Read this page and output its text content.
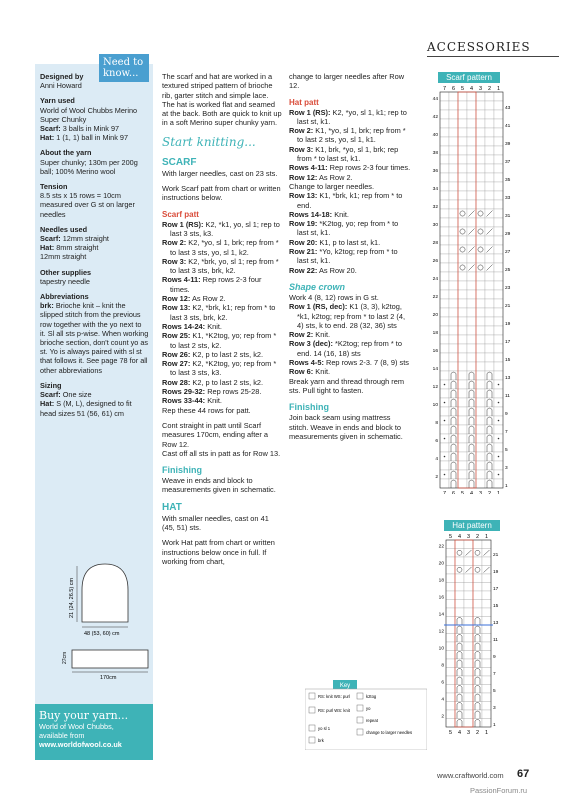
ACCESSORIES
Designed by
Anni Howard
Yarn used
World of Wool Chubbs Merino Super Chunky
Scarf: 3 balls in Mink 97
Hat: 1 (1, 1) ball in Mink 97
About the yarn
Super chunky; 130m per 200g ball; 100% Merino wool
Tension
8.5 sts x 15 rows = 10cm measured over G st on larger needles
Needles used
Scarf: 12mm straight
Hat: 8mm straight
12mm straight
Other supplies
tapestry needle
Abbreviations
brk: Brioche knit – knit the slipped stitch from the previous row together with the yo next to it. Sl all sts p-wise. When working brioche section, don't count yo as st. Yo is always paired with sl st that follows it. See page 78 for all other abbreviations
Sizing
Scarf: One size
Hat: S (M, L), designed to fit head sizes 51 (56, 61) cm
Need to know...
21 (24, 26.5) cm
48 (53, 60) cm
27cm
170cm
Buy your yarn...
World of Wool Chubbs,
available from
www.worldofwool.co.uk
The scarf and hat are worked in a textured striped pattern of brioche rib, garter stitch and simple lace. The hat is worked flat and seamed at the back. Both are quick to knit up in a soft Merino super chunky yarn.
Start knitting...
SCARF
With larger needles, cast on 23 sts.
Work Scarf patt from chart or written instructions below.
Scarf patt
Row 1 (RS): K2, *k1, yo, sl 1; rep to last 3 sts, k3.
Row 2: K2, *yo, sl 1, brk; rep from * to last 3 sts, yo, sl 1, k2.
Row 3: K2, *brk, yo, sl 1; rep from * to last 3 sts, brk, k2.
Rows 4-11: Rep rows 2-3 four times.
Row 12: As Row 2.
Row 13: K2, *brk, k1; rep from * to last 3 sts, brk, k2.
Rows 14-24: Knit.
Row 25: K1, *K2tog, yo; rep from * to last 2 sts, k2.
Row 26: K2, p to last 2 sts, k2.
Row 27: K2, *K2tog, yo; rep from * to last 3 sts, k3.
Row 28: K2, p to last 2 sts, k2.
Rows 29-32: Rep rows 25-28.
Rows 33-44: Knit.
Rep these 44 rows for patt.
Cont straight in patt until Scarf measures 170cm, ending after a Row 12.
Cast off all sts in patt as for Row 13.
Finishing
Weave in ends and block to measurements given in schematic.
HAT
With smaller needles, cast on 41 (45, 51) sts.
Work Hat patt from chart or written instructions below once in full. If working from chart,
change to larger needles after Row 12.
Hat patt
Row 1 (RS): K2, *yo, sl 1, k1; rep to last st, k1.
Row 2: K1, *yo, sl 1, brk; rep from * to last 2 sts, yo, sl 1, k1.
Row 3: K1, brk, *yo, sl 1, brk; rep from * to last st, k1.
Rows 4-11: Rep rows 2-3 four times.
Row 12: As Row 2.
Change to larger needles.
Row 13: K1, *brk, k1; rep from * to end.
Rows 14-18: Knit.
Row 19: *K2tog, yo; rep from * to last st, k1.
Row 20: K1, p to last st, k1.
Row 21: *Yo, k2tog; rep from * to last st, k1.
Row 22: As Row 20.
Shape crown
Work 4 (8, 12) rows in G st.
Row 1 (RS, dec): K1 (3, 3), k2tog, *k1, k2tog; rep from * to last 2 (4, 4) sts, k to end. 28 (32, 36) sts
Row 2: Knit.
Row 3 (dec): *K2tog; rep from * to end. 14 (16, 18) sts
Rows 4-5: Rep rows 2-3. 7 (8, 9) sts
Row 6: Knit.
Break yarn and thread through rem sts. Pull tight to fasten.
Finishing
Join back seam using mattress stitch. Weave in ends and block to measurements given in schematic.
Scarf pattern
7
7
6
6
5
5
4
4
3
3
2
2
1
1
44
43
42
41
40
39
38
37
36
35
34
33
32
31
30
29
28
27
26
25
24
23
22
21
20
19
18
17
16
15
14
13
12
11
10
9
8
7
6
5
4
3
2
1
Hat pattern
5
5
4
4
3
3
2
2
1
1
22
21
20
19
18
17
16
15
14
13
12
11
10
9
8
7
6
5
4
3
2
1
Key
RS: knit WS: purl
RS: purl WS: knit
yo sl 1
brk
k2tog
yo
repeat
change to larger needles
www.craftworld.com 67
PassionForum.ru
